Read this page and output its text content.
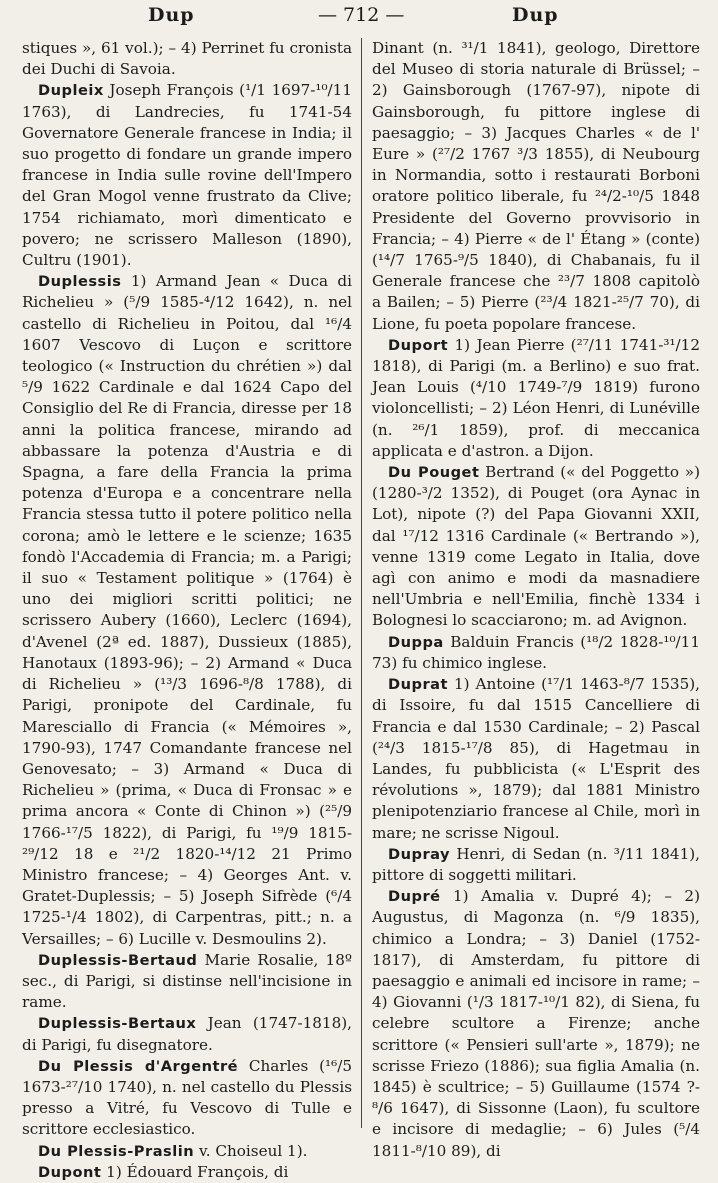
Dup	— 712 —	Dup

stiques », 61 vol.); – 4) Perrinet fu cronista dei Duchi di Savoia.

Dupleix Joseph François (¹/1 1697-¹⁰/11 1763), di Landrecies, fu 1741-54 Governatore Generale francese in India; il suo progetto di fondare un grande impero francese in India sulle rovine dell'Impero del Gran Mogol venne frustrato da Clive; 1754 richiamato, morì dimenticato e povero; ne scrissero Malleson (1890), Cultru (1901).

Duplessis 1) Armand Jean « Duca di Richelieu » (⁵/9 1585-⁴/12 1642), n. nel castello di Richelieu in Poitou, dal ¹⁶/4 1607 Vescovo di Luçon e scrittore teologico (« Instruction du chrétien ») dal ⁵/9 1622 Cardinale e dal 1624 Capo del Consiglio del Re di Francia, diresse per 18 anni la politica francese, mirando ad abbassare la potenza d'Austria e di Spagna, a fare della Francia la prima potenza d'Europa e a concentrare nella Francia stessa tutto il potere politico nella corona; amò le lettere e le scienze; 1635 fondò l'Accademia di Francia; m. a Parigi; il suo « Testament politique » (1764) è uno dei migliori scritti politici; ne scrissero Aubery (1660), Leclerc (1694), d'Avenel (2ª ed. 1887), Dussieux (1885), Hanotaux (1893-96); – 2) Armand « Duca di Richelieu » (¹³/3 1696-⁸/8 1788), di Parigi, pronipote del Cardinale, fu Maresciallo di Francia (« Mémoires », 1790-93), 1747 Comandante francese nel Genovesato; – 3) Armand « Duca di Richelieu » (prima, « Duca di Fronsac » e prima ancora « Conte di Chinon ») (²⁵/9 1766-¹⁷/5 1822), di Parigi, fu ¹⁹/9 1815-²⁹/12 18 e ²¹/2 1820-¹⁴/12 21 Primo Ministro francese; – 4) Georges Ant. v. Gratet-Duplessis; – 5) Joseph Sifrède (⁶/4 1725-¹/4 1802), di Carpentras, pitt.; n. a Versailles; – 6) Lucille v. Desmoulins 2).

Duplessis-Bertaud Marie Rosalie, 18º sec., di Parigi, si distinse nell'incisione in rame.

Duplessis-Bertaux Jean (1747-1818), di Parigi, fu disegnatore.

Du Plessis d'Argentré Charles (¹⁶/5 1673-²⁷/10 1740), n. nel castello du Plessis presso a Vitré, fu Vescovo di Tulle e scrittore ecclesiastico.

Du Plessis-Praslin v. Choiseul 1).

Dupont 1) Édouard François, di

Dinant (n. ³¹/1 1841), geologo, Direttore del Museo di storia naturale di Brüssel; – 2) Gainsborough (1767-97), nipote di Gainsborough, fu pittore inglese di paesaggio; – 3) Jacques Charles « de l' Eure » (²⁷/2 1767 ³/3 1855), di Neubourg in Normandia, sotto i restaurati Borboni oratore politico liberale, fu ²⁴/2-¹⁰/5 1848 Presidente del Governo provvisorio in Francia; – 4) Pierre « de l' Étang » (conte) (¹⁴/7 1765-⁹/5 1840), di Chabanais, fu il Generale francese che ²³/7 1808 capitolò a Bailen; – 5) Pierre (²³/4 1821-²⁵/7 70), di Lione, fu poeta popolare francese.

Duport 1) Jean Pierre (²⁷/11 1741-³¹/12 1818), di Parigi (m. a Berlino) e suo frat. Jean Louis (⁴/10 1749-⁷/9 1819) furono violoncellisti; – 2) Léon Henri, di Lunéville (n. ²⁶/1 1859), prof. di meccanica applicata e d'astron. a Dijon.

Du Pouget Bertrand (« del Poggetto ») (1280-³/2 1352), di Pouget (ora Aynac in Lot), nipote (?) del Papa Giovanni XXII, dal ¹⁷/12 1316 Cardinale (« Bertrando »), venne 1319 come Legato in Italia, dove agì con animo e modi da masnadiere nell'Umbria e nell'Emilia, finchè 1334 i Bolognesi lo scacciarono; m. ad Avignon.

Duppa Balduin Francis (¹⁸/2 1828-¹⁰/11 73) fu chimico inglese.

Duprat 1) Antoine (¹⁷/1 1463-⁸/7 1535), di Issoire, fu dal 1515 Cancelliere di Francia e dal 1530 Cardinale; – 2) Pascal (²⁴/3 1815-¹⁷/8 85), di Hagetmau in Landes, fu pubblicista (« L'Esprit des révolutions », 1879); dal 1881 Ministro plenipotenziario francese al Chile, morì in mare; ne scrisse Nigoul.

Dupray Henri, di Sedan (n. ³/11 1841), pittore di soggetti militari.

Dupré 1) Amalia v. Dupré 4); – 2) Augustus, di Magonza (n. ⁶/9 1835), chimico a Londra; – 3) Daniel (1752-1817), di Amsterdam, fu pittore di paesaggio e animali ed incisore in rame; – 4) Giovanni (¹/3 1817-¹⁰/1 82), di Siena, fu celebre scultore a Firenze; anche scrittore (« Pensieri sull'arte », 1879); ne scrisse Friezo (1886); sua figlia Amalia (n. 1845) è scultrice; – 5) Guillaume (1574 ?-⁸/6 1647), di Sissonne (Laon), fu scultore e incisore di medaglie; – 6) Jules (⁵/4 1811-⁸/10 89), di
